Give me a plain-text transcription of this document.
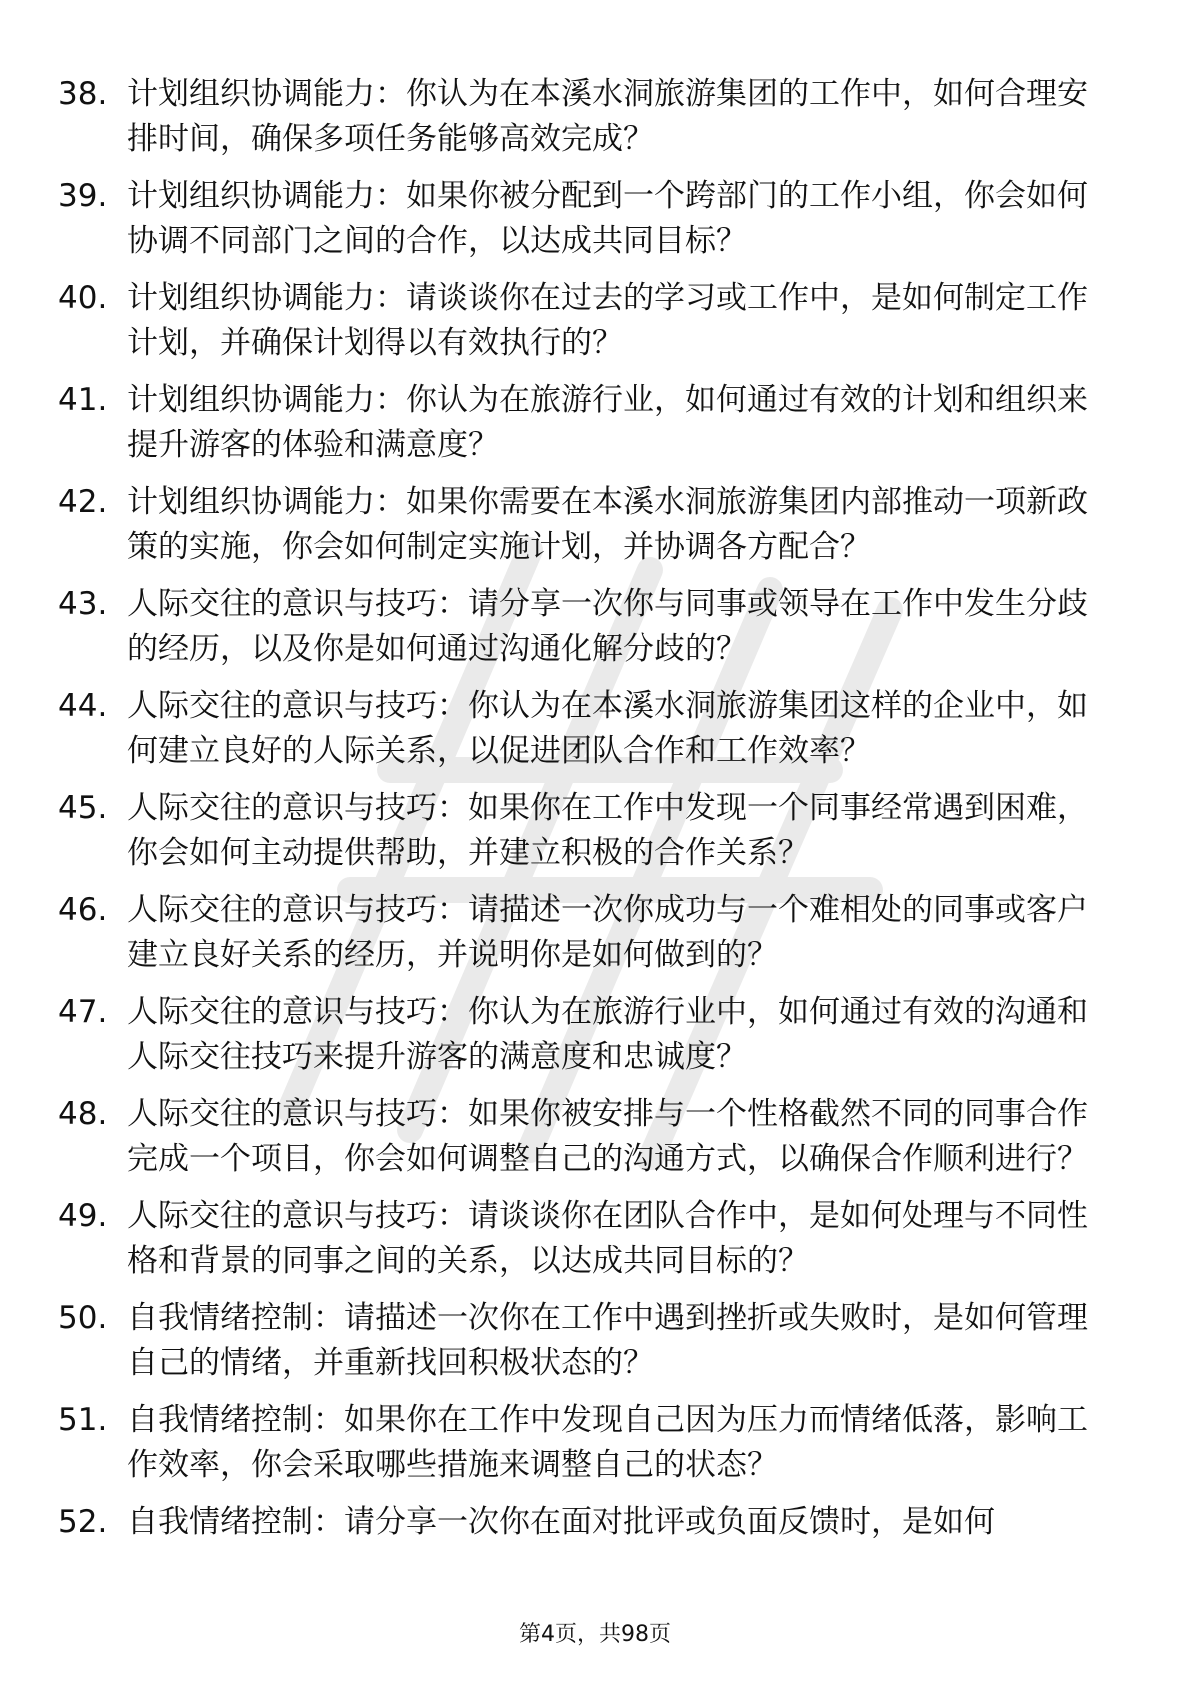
38. 计划组织协调能力：你认为在本溪水洞旅游集团的工作中，如何合理安排时间，确保多项任务能够高效完成？
39. 计划组织协调能力：如果你被分配到一个跨部门的工作小组，你会如何协调不同部门之间的合作，以达成共同目标？
40. 计划组织协调能力：请谈谈你在过去的学习或工作中，是如何制定工作计划，并确保计划得以有效执行的？
41. 计划组织协调能力：你认为在旅游行业，如何通过有效的计划和组织来提升游客的体验和满意度？
42. 计划组织协调能力：如果你需要在本溪水洞旅游集团内部推动一项新政策的实施，你会如何制定实施计划，并协调各方配合？
43. 人际交往的意识与技巧：请分享一次你与同事或领导在工作中发生分歧的经历，以及你是如何通过沟通化解分歧的？
44. 人际交往的意识与技巧：你认为在本溪水洞旅游集团这样的企业中，如何建立良好的人际关系，以促进团队合作和工作效率？
45. 人际交往的意识与技巧：如果你在工作中发现一个同事经常遇到困难，你会如何主动提供帮助，并建立积极的合作关系？
46. 人际交往的意识与技巧：请描述一次你成功与一个难相处的同事或客户建立良好关系的经历，并说明你是如何做到的？
47. 人际交往的意识与技巧：你认为在旅游行业中，如何通过有效的沟通和人际交往技巧来提升游客的满意度和忠诚度？
48. 人际交往的意识与技巧：如果你被安排与一个性格截然不同的同事合作完成一个项目，你会如何调整自己的沟通方式，以确保合作顺利进行？
49. 人际交往的意识与技巧：请谈谈你在团队合作中，是如何处理与不同性格和背景的同事之间的关系，以达成共同目标的？
50. 自我情绪控制：请描述一次你在工作中遇到挫折或失败时，是如何管理自己的情绪，并重新找回积极状态的？
51. 自我情绪控制：如果你在工作中发现自己因为压力而情绪低落，影响工作效率，你会采取哪些措施来调整自己的状态？
52. 自我情绪控制：请分享一次你在面对批评或负面反馈时，是如何
第4页，共98页
